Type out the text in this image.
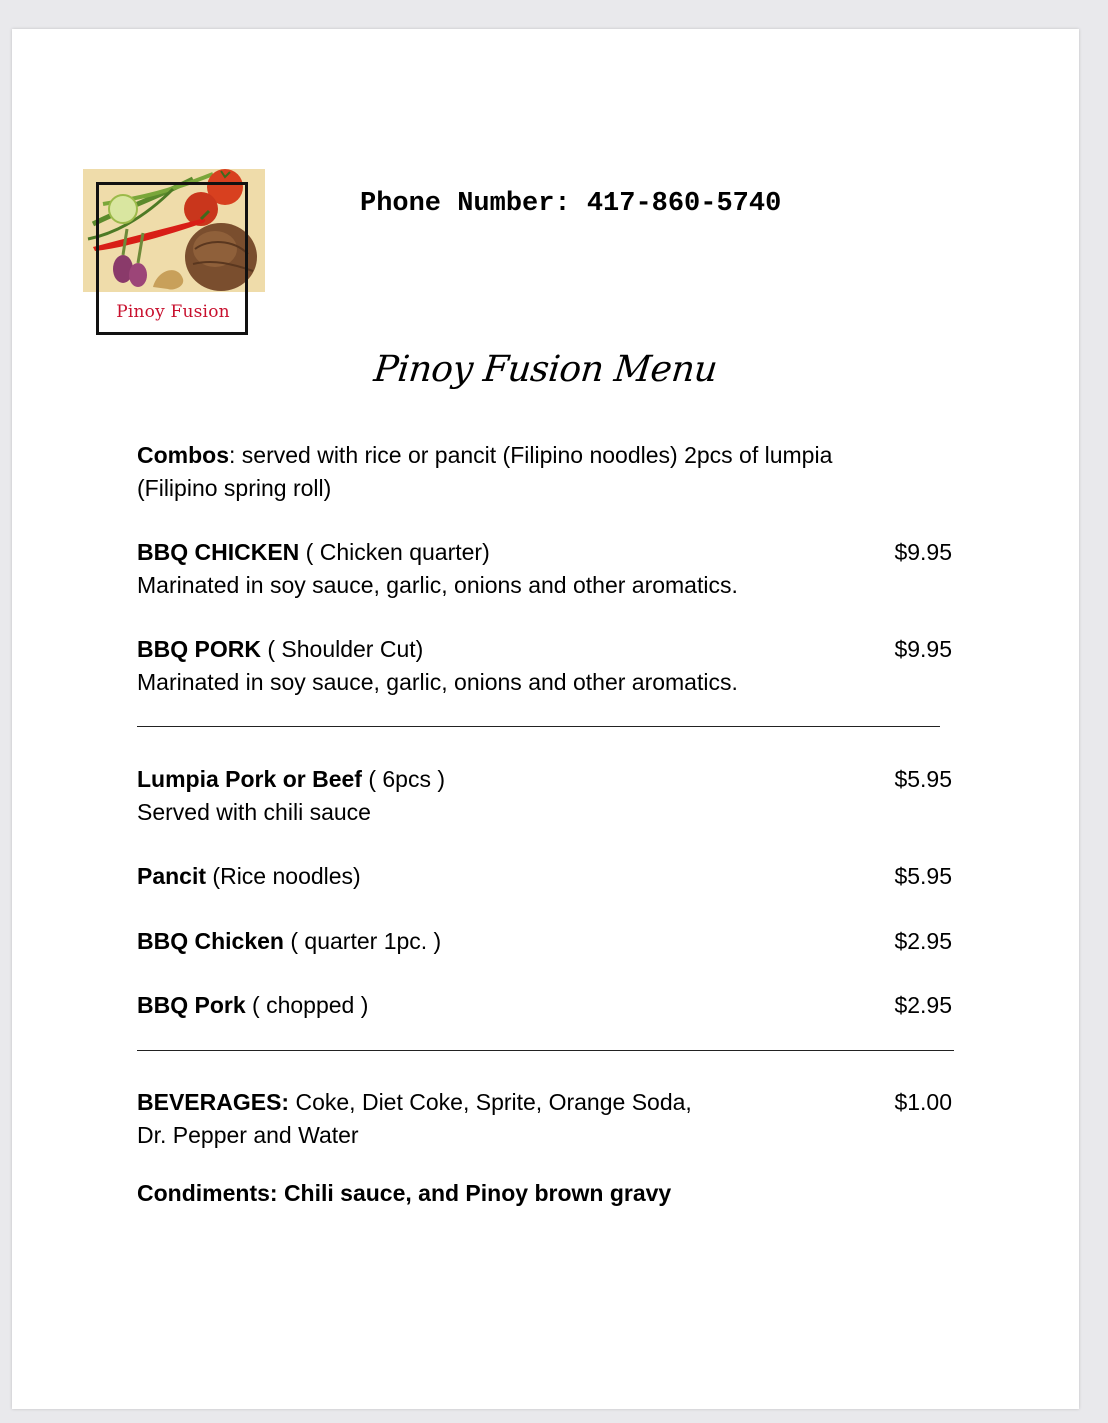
Pinoy Fusion
Phone Number: 417-860-5740
Pinoy Fusion Menu
Combos: served with rice or pancit (Filipino noodles) 2pcs of lumpia
(Filipino spring roll)
BBQ CHICKEN ( Chicken quarter)	$9.95
Marinated in soy sauce, garlic, onions and other aromatics.
BBQ PORK ( Shoulder Cut)	$9.95
Marinated in soy sauce, garlic, onions and other aromatics.
Lumpia Pork or Beef ( 6pcs )	$5.95
Served with chili sauce
Pancit (Rice noodles)	$5.95
BBQ Chicken ( quarter 1pc. )	$2.95
BBQ Pork ( chopped )	$2.95
BEVERAGES: Coke, Diet Coke, Sprite, Orange Soda,	$1.00
Dr. Pepper and Water
Condiments: Chili sauce, and Pinoy brown gravy
